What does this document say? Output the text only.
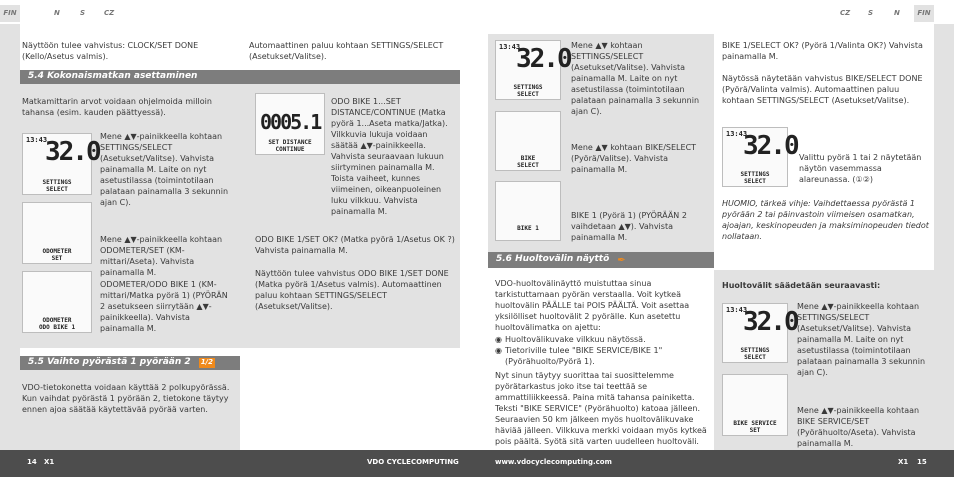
FIN	N	S	CZ	CZ	S	N	FIN
Näyttöön tulee vahvistus: CLOCK/SET DONE (Kello/Asetus valmis).
5.4 Kokonaismatkan asettaminen
Matkamittarin arvot voidaan ohjelmoida milloin tahansa (esim. kauden päättyessä).
13:43
32.0
SETTINGS
SELECT
Mene ▲▼-painikkeella kohtaan SETTINGS/SELECT (Asetukset/Valitse). Vahvista painamalla M. Laite on nyt asetustilassa (toimintotilaan palataan painamalla 3 sekunnin ajan C).
ODOMETER
SET
Mene ▲▼-painikkeella kohtaan ODOMETER/SET (KM-mittari/Aseta). Vahvista painamalla M.
ODOMETER
ODO BIKE 1
ODOMETER/ODO BIKE 1 (KM-mittari/Matka pyörä 1) (PYÖRÄN 2 asetukseen siirrytään ▲▼-painikkeella). Vahvista painamalla M.
5.5 Vaihto pyörästä 1 pyörään 2 1/2
VDO-tietokonetta voidaan käyttää 2 polkupyörässä. Kun vaihdat pyörästä 1 pyörään 2, tietokone täytyy ennen ajoa säätää käytettävää pyörää varten.
Automaattinen paluu kohtaan SETTINGS/SELECT (Asetukset/Valitse).
0005.1
SET DISTANCE
CONTINUE
ODO BIKE 1...SET DISTANCE/CONTINUE (Matka pyörä 1...Aseta matka/Jatka). Vilkkuvia lukuja voidaan säätää ▲▼-painikkeella. Vahvista seuraavaan lukuun siirtyminen painamalla M. Toista vaiheet, kunnes viimeinen, oikeanpuoleinen luku vilkkuu. Vahvista painamalla M.
ODO BIKE 1/SET OK? (Matka pyörä 1/Asetus OK ?) Vahvista painamalla M.
Näyttöön tulee vahvistus ODO BIKE 1/SET DONE (Matka pyörä 1/Asetus valmis). Automaattinen paluu kohtaan SETTINGS/SELECT (Asetukset/Valitse).
13:43
32.0
SETTINGS
SELECT
Mene ▲▼ kohtaan SETTINGS/SELECT (Asetukset/Valitse). Vahvista painamalla M. Laite on nyt asetustilassa (toimintotilaan palataan painamalla 3 sekunnin ajan C).
BIKE
SELECT
Mene ▲▼ kohtaan BIKE/SELECT (Pyörä/Valitse). Vahvista painamalla M.
BIKE 1
BIKE 1 (Pyörä 1) (PYÖRÄÄN 2 vaihdetaan ▲▼). Vahvista painamalla M.
5.6 Huoltovälin näyttö ✒
VDO-huoltovälinäyttö muistuttaa sinua tarkistuttamaan pyörän verstaalla. Voit kytkeä huoltovälin PÄÄLLE tai POIS PÄÄLTÄ. Voit asettaa yksilölliset huoltovälit 2 pyörälle. Kun asetettu huoltovälimatka on ajettu:
◉ Huoltovälikuvake vilkkuu näytössä.
◉ Tietoriville tulee "BIKE SERVICE/BIKE 1" (Pyörähuolto/Pyörä 1).
Nyt sinun täytyy suorittaa tai suosittelemme pyörätarkastus joko itse tai teettää se ammattiliikkeessä. Paina mitä tahansa painiketta. Teksti "BIKE SERVICE" (Pyörähuolto) katoaa jälleen. Seuraavien 50 km jälkeen myös huoltovälikuvake häviää jälleen. Vilkkuva merkki voidaan myös kytkeä pois päältä. Syötä sitä varten uudelleen huoltoväli.
BIKE 1/SELECT OK? (Pyörä 1/Valinta OK?) Vahvista painamalla M.
Näytössä näytetään vahvistus BIKE/SELECT DONE (Pyörä/Valinta valmis). Automaattinen paluu kohtaan SETTINGS/SELECT (Asetukset/Valitse).
13:43
32.0
SETTINGS
SELECT
Valittu pyörä 1 tai 2 näytetään näytön vasemmassa alareunassa. (①②)
HUOMIO, tärkeä vihje: Vaihdettaessa pyörästä 1 pyörään 2 tai päinvastoin viimeisen osamatkan, ajoajan, keskinopeuden ja maksiminopeuden tiedot nollataan.
Huoltovälit säädetään seuraavasti:
13:43
32.0
SETTINGS
SELECT
Mene ▲▼-painikkeella kohtaan SETTINGS/SELECT (Asetukset/Valitse). Vahvista painamalla M. Laite on nyt asetustilassa (toimintotilaan palataan painamalla 3 sekunnin ajan C).
BIKE SERVICE
SET
Mene ▲▼-painikkeella kohtaan BIKE SERVICE/SET (Pyörähuolto/Aseta). Vahvista painamalla M.
14 X1	VDO CYCLECOMPUTING	www.vdocyclecomputing.com	X1 15
